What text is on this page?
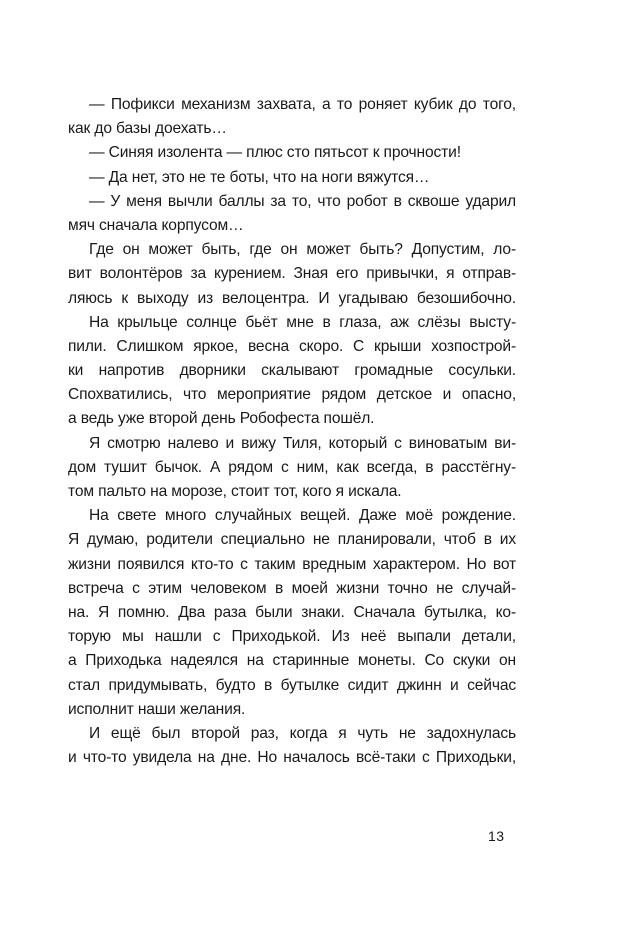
— Пофикси механизм захвата, а то роняет кубик до того,
как до базы доехать…
— Синяя изолента — плюс сто пятьсот к прочности!
— Да нет, это не те боты, что на ноги вяжутся…
— У меня вычли баллы за то, что робот в сквоше ударил
мяч сначала корпусом…
Где он может быть, где он может быть? Допустим, ло-
вит волонтёров за курением. Зная его привычки, я отправ-
ляюсь к выходу из велоцентра. И угадываю безошибочно.
На крыльце солнце бьёт мне в глаза, аж слёзы высту-
пили. Слишком яркое, весна скоро. С крыши хозпострой-
ки напротив дворники скалывают громадные сосульки.
Спохватились, что мероприятие рядом детское и опасно,
а ведь уже второй день Робофеста пошёл.
Я смотрю налево и вижу Тиля, который с виноватым ви-
дом тушит бычок. А рядом с ним, как всегда, в расстёгну-
том пальто на морозе, стоит тот, кого я искала.
На свете много случайных вещей. Даже моё рождение.
Я думаю, родители специально не планировали, чтоб в их
жизни появился кто-то с таким вредным характером. Но вот
встреча с этим человеком в моей жизни точно не случай-
на. Я помню. Два раза были знаки. Сначала бутылка, ко-
торую мы нашли с Приходькой. Из неё выпали детали,
а Приходька надеялся на старинные монеты. Со скуки он
стал придумывать, будто в бутылке сидит джинн и сейчас
исполнит наши желания.
И ещё был второй раз, когда я чуть не задохнулась
и что-то увидела на дне. Но началось всё-таки с Приходьки,
13
